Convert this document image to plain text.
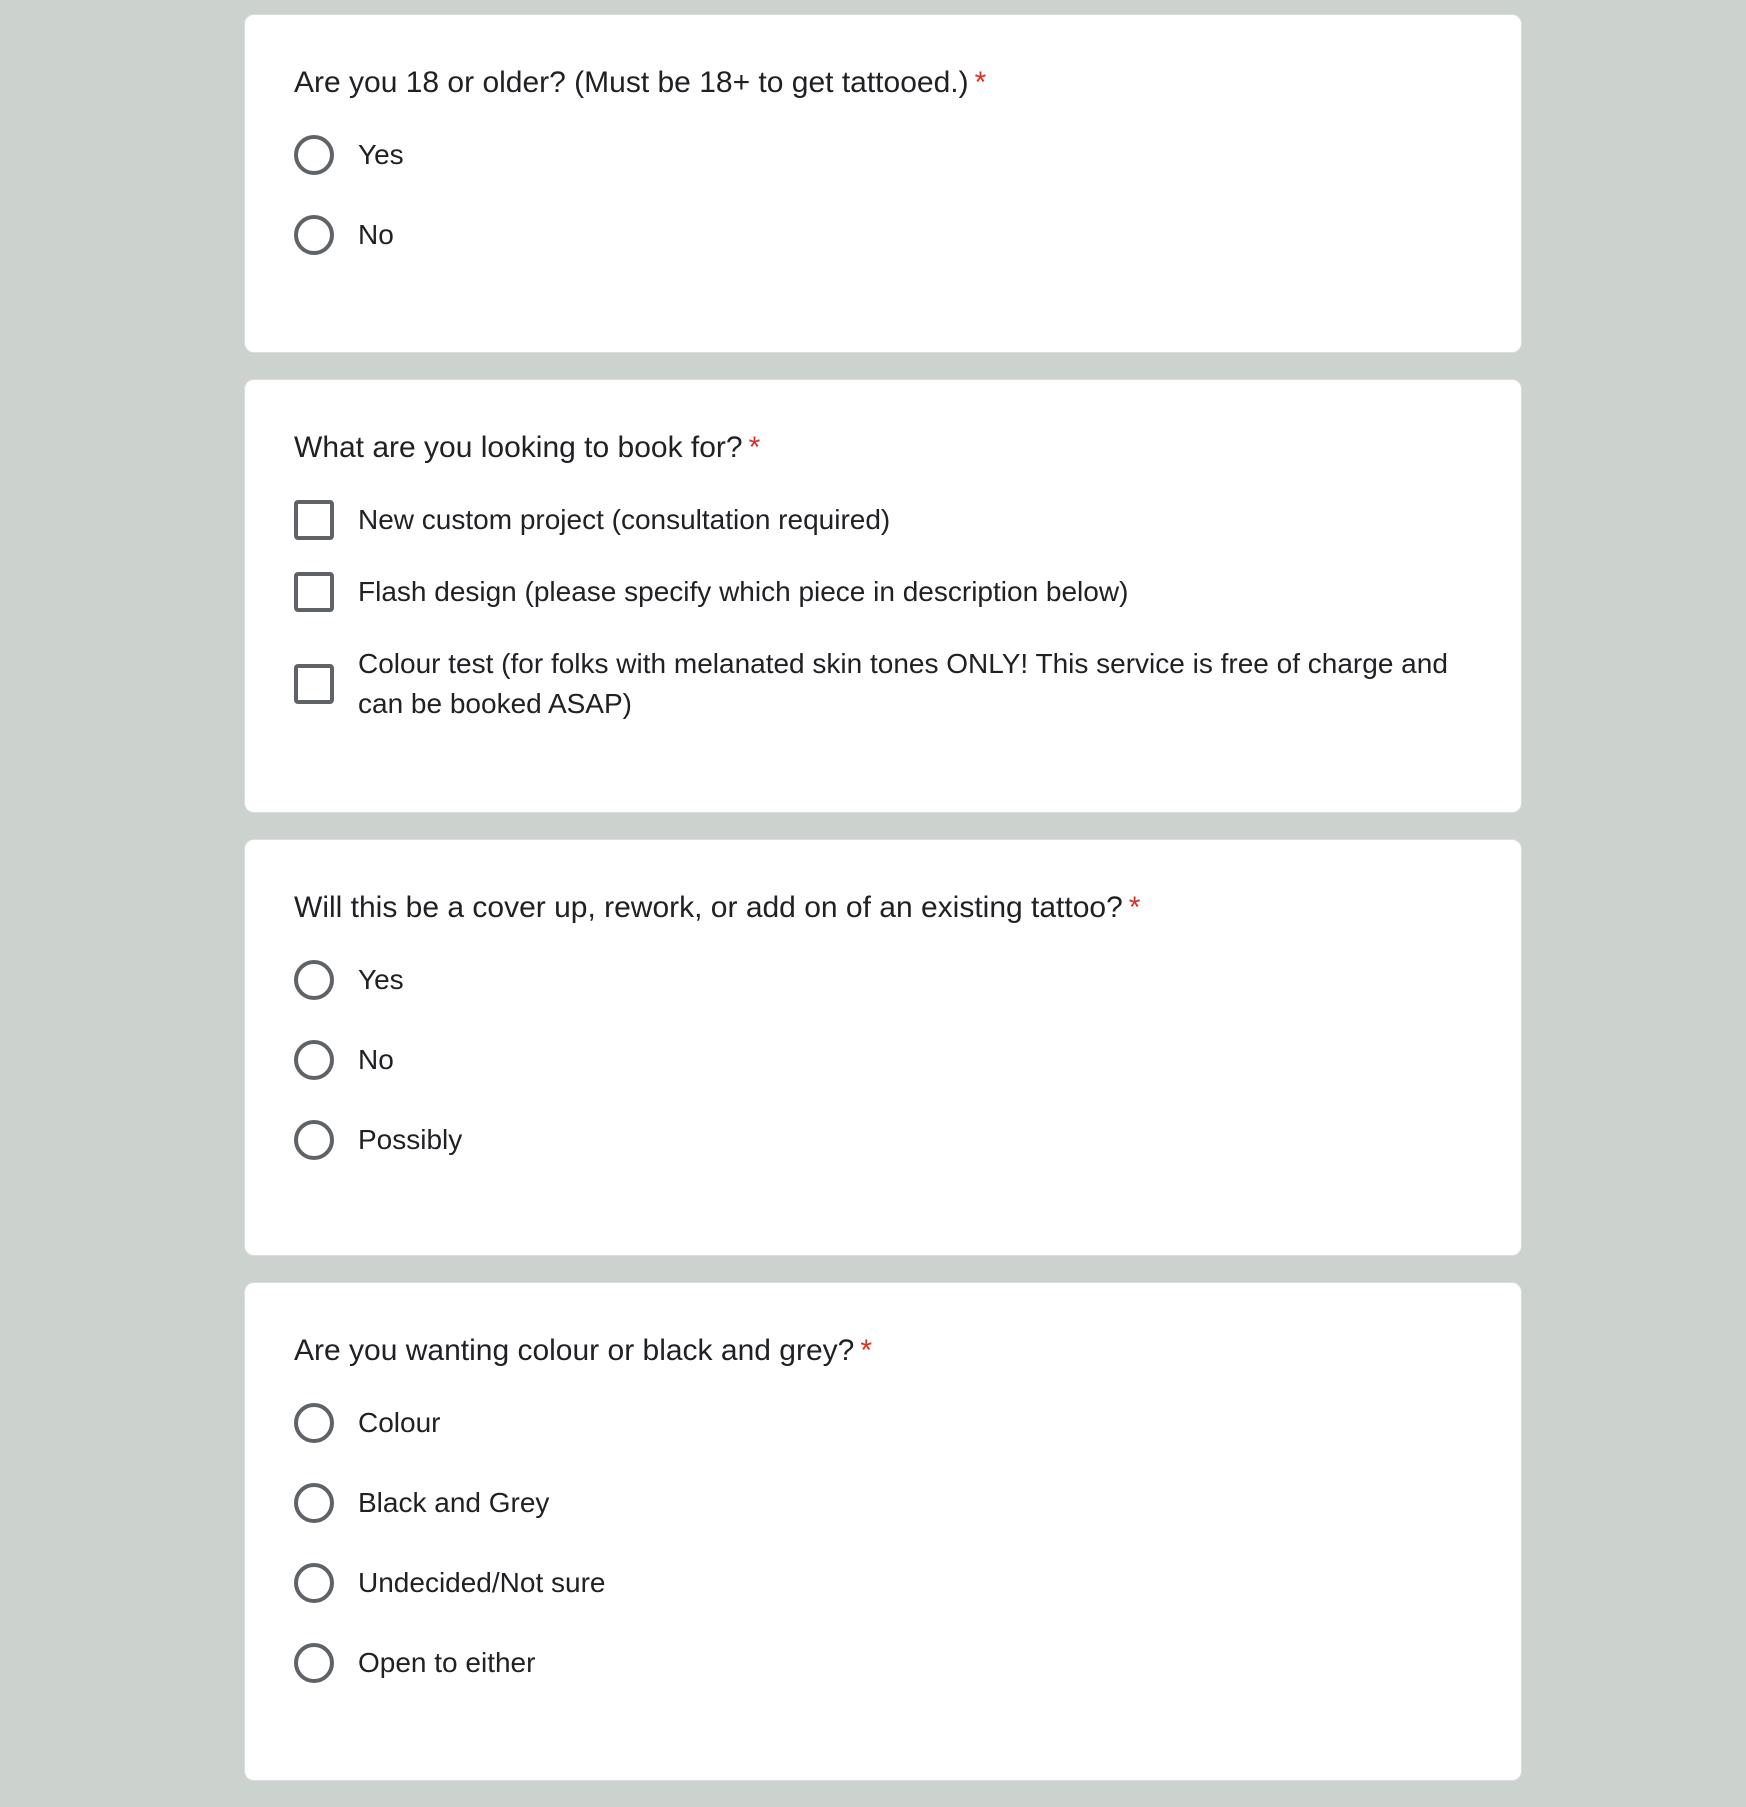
Are you 18 or older? (Must be 18+ to get tattooed.) *
Yes
No
What are you looking to book for? *
New custom project (consultation required)
Flash design (please specify which piece in description below)
Colour test (for folks with melanated skin tones ONLY! This service is free of charge and can be booked ASAP)
Will this be a cover up, rework, or add on of an existing tattoo? *
Yes
No
Possibly
Are you wanting colour or black and grey? *
Colour
Black and Grey
Undecided/Not sure
Open to either
